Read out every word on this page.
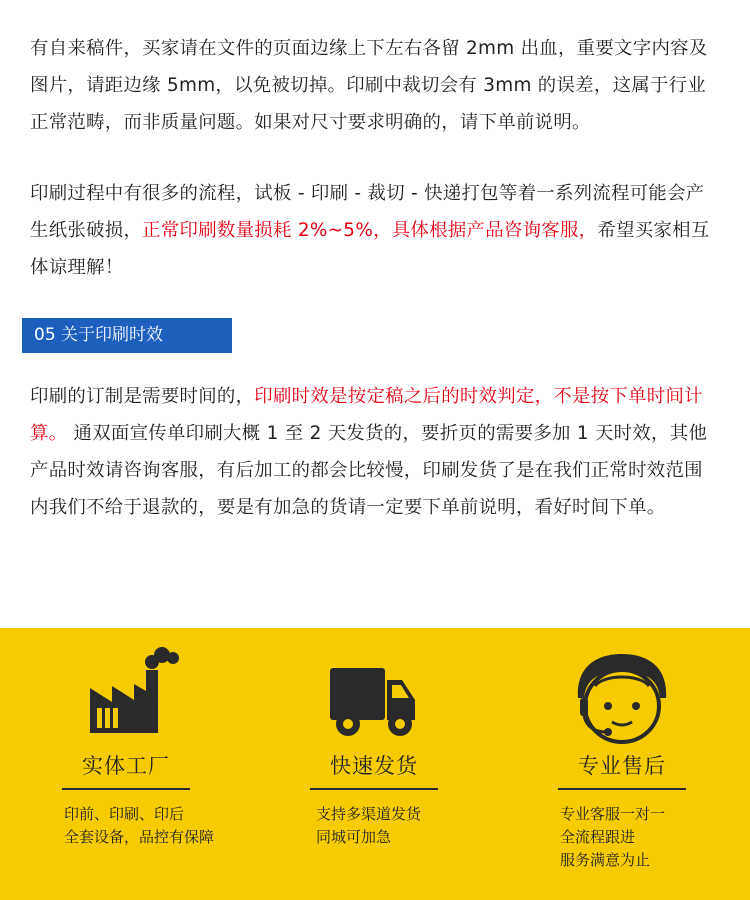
有自来稿件，买家请在文件的页面边缘上下左右各留 2mm 出血，重要文字内容及图片，请距边缘 5mm，以免被切掉。印刷中裁切会有 3mm 的误差，这属于行业正常范畴，而非质量问题。如果对尺寸要求明确的，请下单前说明。

印刷过程中有很多的流程，试板 - 印刷 - 裁切 - 快递打包等着一系列流程可能会产生纸张破损，正常印刷数量损耗 2%~5%，具体根据产品咨询客服，希望买家相互体谅理解！

05 关于印刷时效

印刷的订制是需要时间的，印刷时效是按定稿之后的时效判定，不是按下单时间计算。 通双面宣传单印刷大概 1 至 2 天发货的，要折页的需要多加 1 天时效，其他产品时效请咨询客服，有后加工的都会比较慢，印刷发货了是在我们正常时效范围内我们不给于退款的，要是有加急的货请一定要下单前说明，看好时间下单。

实体工厂
印前、印刷、印后
全套设备，品控有保障
快速发货
支持多渠道发货
同城可加急
专业售后
专业客服一对一
全流程跟进
服务满意为止
